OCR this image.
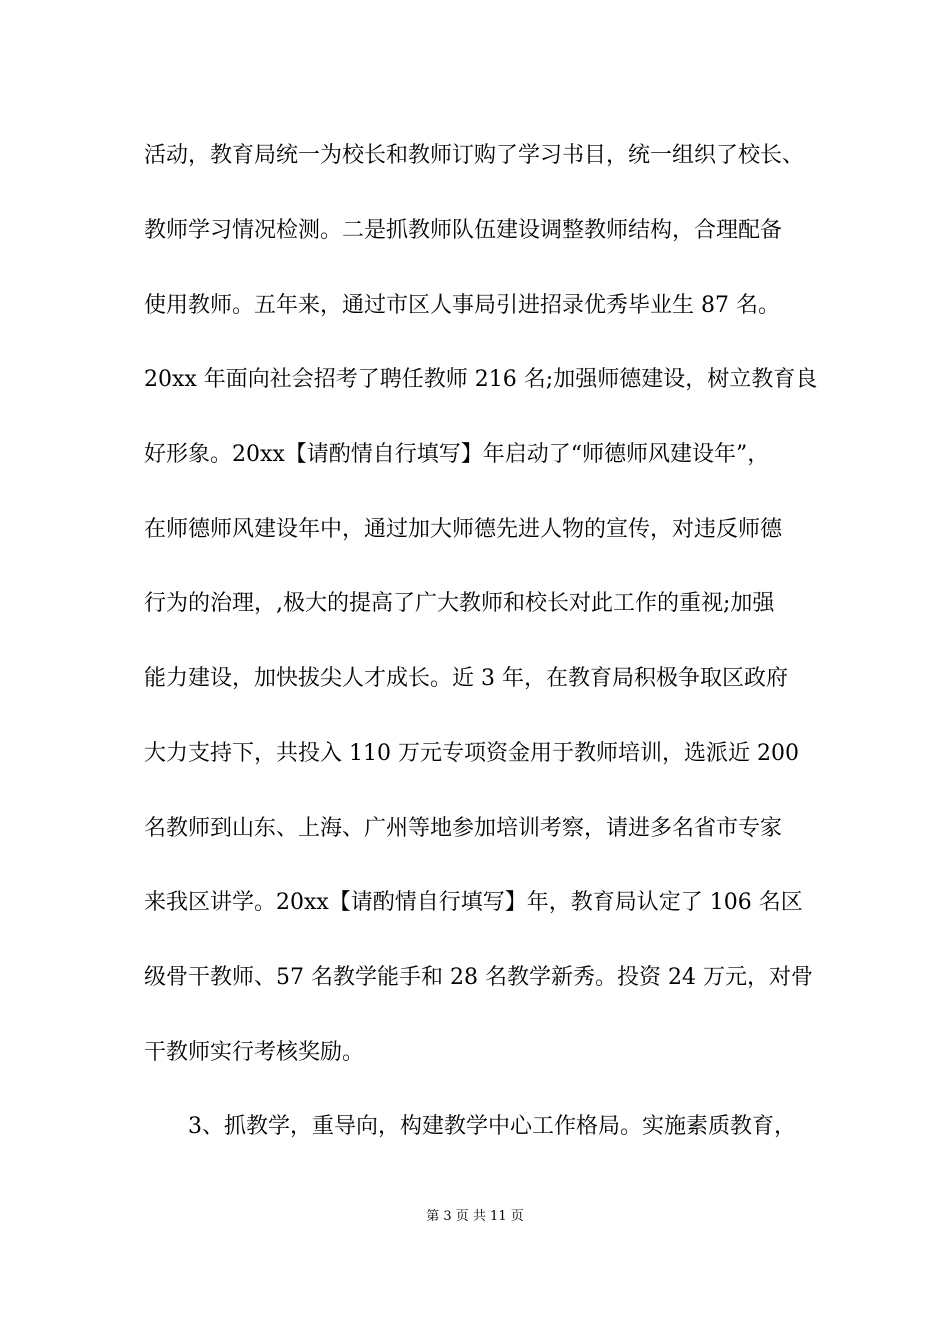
活动，教育局统一为校长和教师订购了学习书目，统一组织了校长、
教师学习情况检测。二是抓教师队伍建设调整教师结构，合理配备
使用教师。五年来，通过市区人事局引进招录优秀毕业生 87 名。
20xx 年面向社会招考了聘任教师 216 名;加强师德建设，树立教育良
好形象。20xx【请酌情自行填写】年启动了“师德师风建设年”，
在师德师风建设年中，通过加大师德先进人物的宣传，对违反师德
行为的治理，,极大的提高了广大教师和校长对此工作的重视;加强
能力建设，加快拔尖人才成长。近 3 年，在教育局积极争取区政府
大力支持下，共投入 110 万元专项资金用于教师培训，选派近 200
名教师到山东、上海、广州等地参加培训考察，请进多名省市专家
来我区讲学。20xx【请酌情自行填写】年，教育局认定了 106 名区
级骨干教师、57 名教学能手和 28 名教学新秀。投资 24 万元，对骨
干教师实行考核奖励。
3、抓教学，重导向，构建教学中心工作格局。实施素质教育，
第 3 页 共 11 页
